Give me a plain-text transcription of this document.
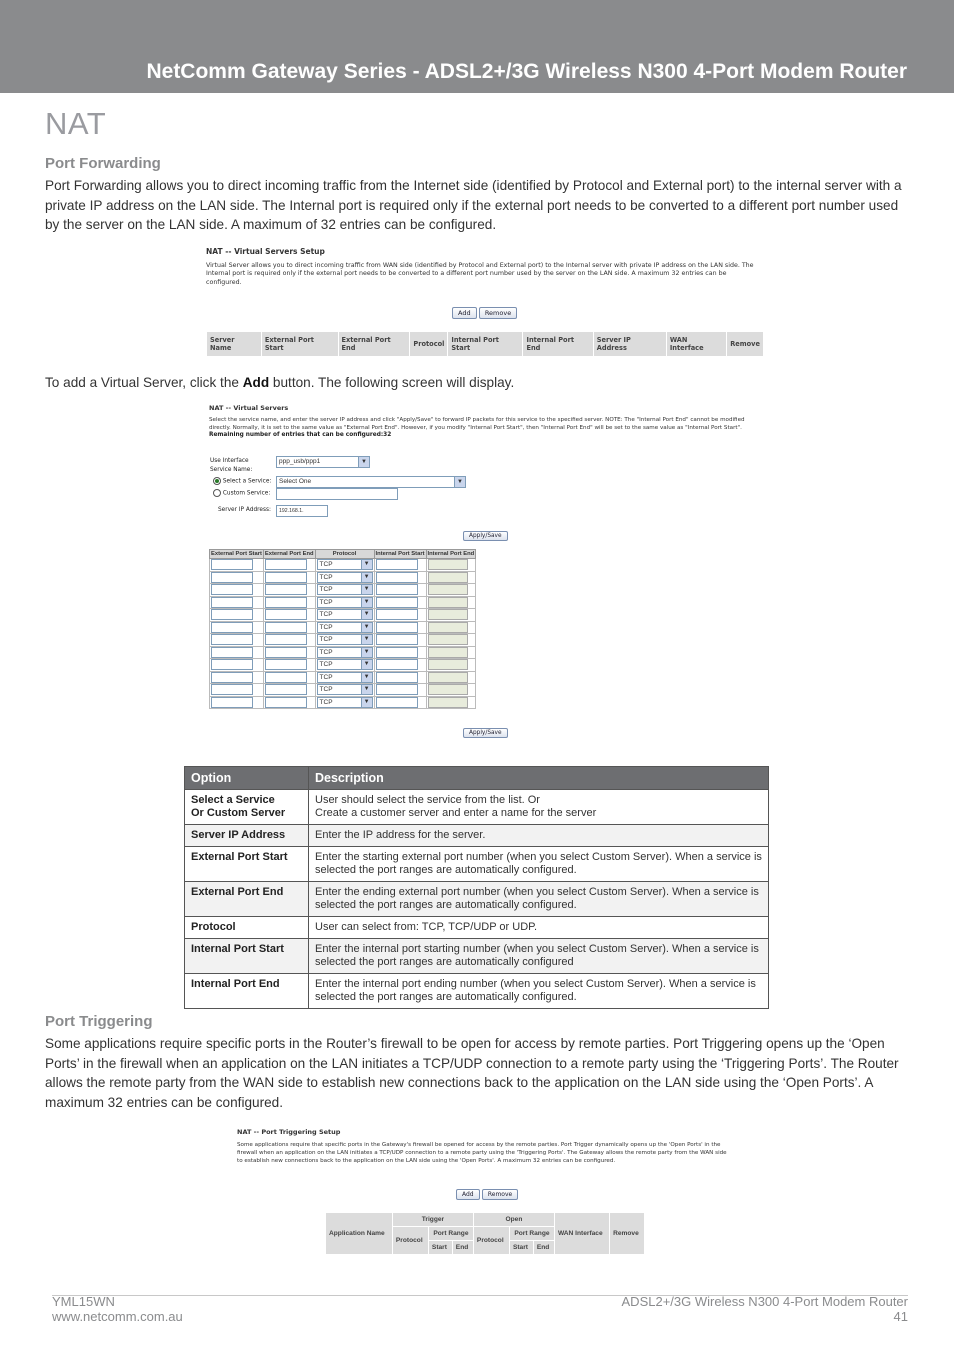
NetComm Gateway Series - ADSL2+/3G Wireless N300 4-Port Modem Router
NAT
Port Forwarding
Port Forwarding allows you to direct incoming traffic from the Internet side (identified by Protocol and External port) to the internal server with a private IP address on the LAN side. The Internal port is required only if the external port needs to be converted to a different port number used by the server on the LAN side. A maximum of 32 entries can be configured.
NAT -- Virtual Servers Setup
Virtual Server allows you to direct incoming traffic from WAN side (identified by Protocol and External port) to the Internal server with private IP address on the LAN side. The Internal port is required only if the external port needs to be converted to a different port number used by the server on the LAN side. A maximum 32 entries can be configured.
Add Remove
Server Name	External Port Start	External Port End	Protocol	Internal Port Start	Internal Port End	Server IP Address	WAN Interface	Remove
To add a Virtual Server, click the Add button. The following screen will display.
NAT -- Virtual Servers
Select the service name, and enter the server IP address and click "Apply/Save" to forward IP packets for this service to the specified server. NOTE: The "Internal Port End" cannot be modified directly. Normally, it is set to the same value as "External Port End". However, if you modify "Internal Port Start", then "Internal Port End" will be set to the same value as "Internal Port Start".
Remaining number of entries that can be configured:32
Use Interface	ppp_usb/ppp1	▼
Service Name:
Select a Service:	Select One	▼
Custom Service:
Server IP Address:	192.168.1.
Apply/Save
External Port Start	External Port End	Protocol	Internal Port Start	Internal Port End

		TCP ▼		

		TCP ▼		

		TCP ▼		

		TCP ▼		

		TCP ▼		

		TCP ▼		

		TCP ▼		

		TCP ▼		

		TCP ▼		

		TCP ▼		

		TCP ▼		

		TCP ▼		

Apply/Save
Option	Description
Select a Service
Or Custom Server	User should select the service from the list. Or
Create a customer server and enter a name for the server
Server IP Address	Enter the IP address for the server.
External Port Start	Enter the starting external port number (when you select Custom Server). When a service is selected the port ranges are automatically configured.
External Port End	Enter the ending external port number (when you select Custom Server). When a service is selected the port ranges are automatically configured.
Protocol	User can select from: TCP, TCP/UDP or UDP.
Internal Port Start	Enter the internal port starting number (when you select Custom Server). When a service is selected the port ranges are automatically configured
Internal Port End	Enter the internal port ending number (when you select Custom Server). When a service is selected the port ranges are automatically configured.
Port Triggering
Some applications require specific ports in the Router’s firewall to be open for access by remote parties. Port Triggering opens up the ‘Open Ports’ in the firewall when an application on the LAN initiates a TCP/UDP connection to a remote party using the ‘Triggering Ports’. The Router allows the remote party from the WAN side to establish new connections back to the application on the LAN side using the ‘Open Ports’. A maximum 32 entries can be configured.
NAT -- Port Triggering Setup
Some applications require that specific ports in the Gateway's firewall be opened for access by the remote parties. Port Trigger dynamically opens up the 'Open Ports' in the firewall when an application on the LAN initiates a TCP/UDP connection to a remote party using the 'Triggering Ports'. The Gateway allows the remote party from the WAN side to establish new connections back to the application on the LAN side using the 'Open Ports'. A maximum 32 entries can be configured.
Add Remove
Application Name	Trigger			Open			WAN Interface	Remove
	Protocol	Port Range		Protocol	Port Range			
		Start	End		Start	End		
YML15WN
www.netcomm.com.au
ADSL2+/3G Wireless N300 4-Port Modem Router
41
